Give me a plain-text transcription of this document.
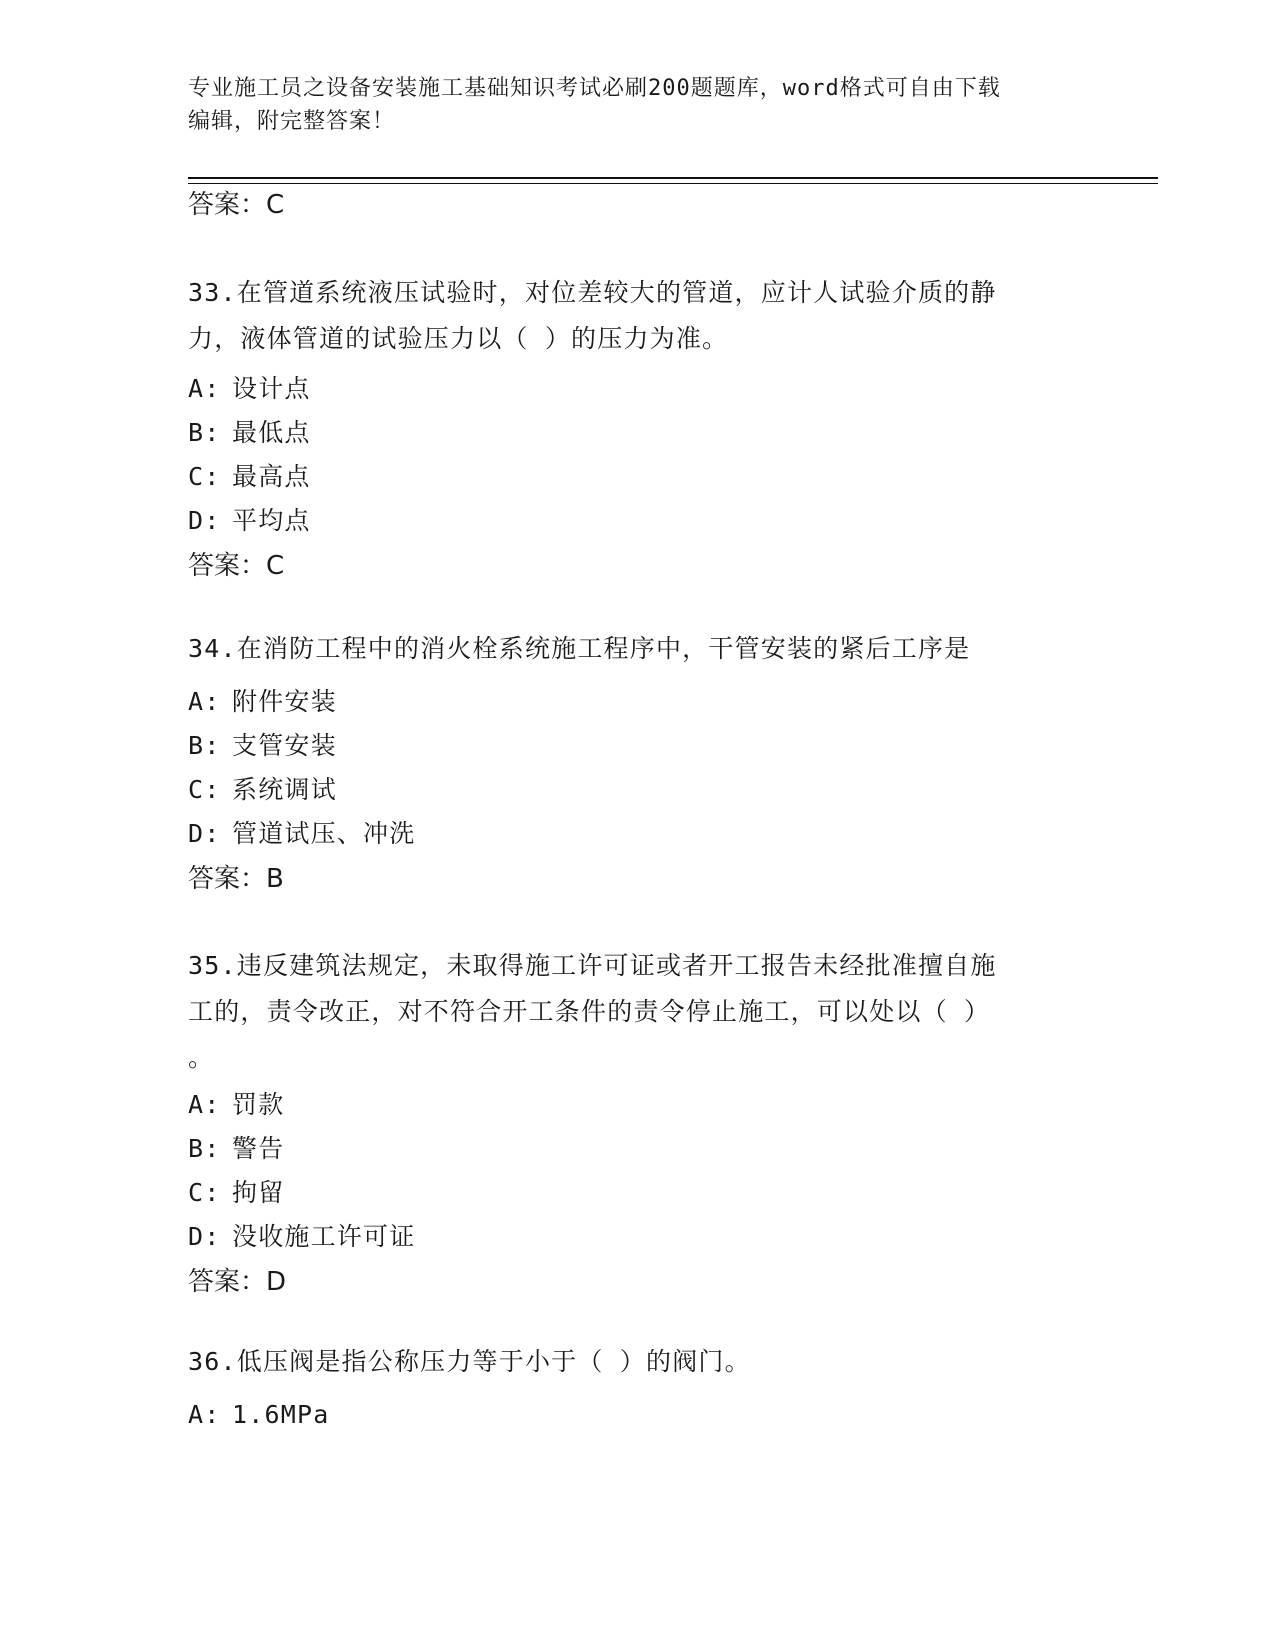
专业施工员之设备安装施工基础知识考试必刷200题题库，word格式可自由下载
编辑，附完整答案！
答案：C
33.在管道系统液压试验时，对位差较大的管道，应计人试验介质的静
力，液体管道的试验压力以（ ）的压力为准。
A: 设计点
B: 最低点
C: 最高点
D: 平均点
答案：C
34.在消防工程中的消火栓系统施工程序中，干管安装的紧后工序是
A: 附件安装
B: 支管安装
C: 系统调试
D: 管道试压、冲洗
答案：B
35.违反建筑法规定，未取得施工许可证或者开工报告未经批准擅自施
工的，责令改正，对不符合开工条件的责令停止施工，可以处以（ ）
。
A: 罚款
B: 警告
C: 拘留
D: 没收施工许可证
答案：D
36.低压阀是指公称压力等于小于（ ）的阀门。
A: 1.6MPa
